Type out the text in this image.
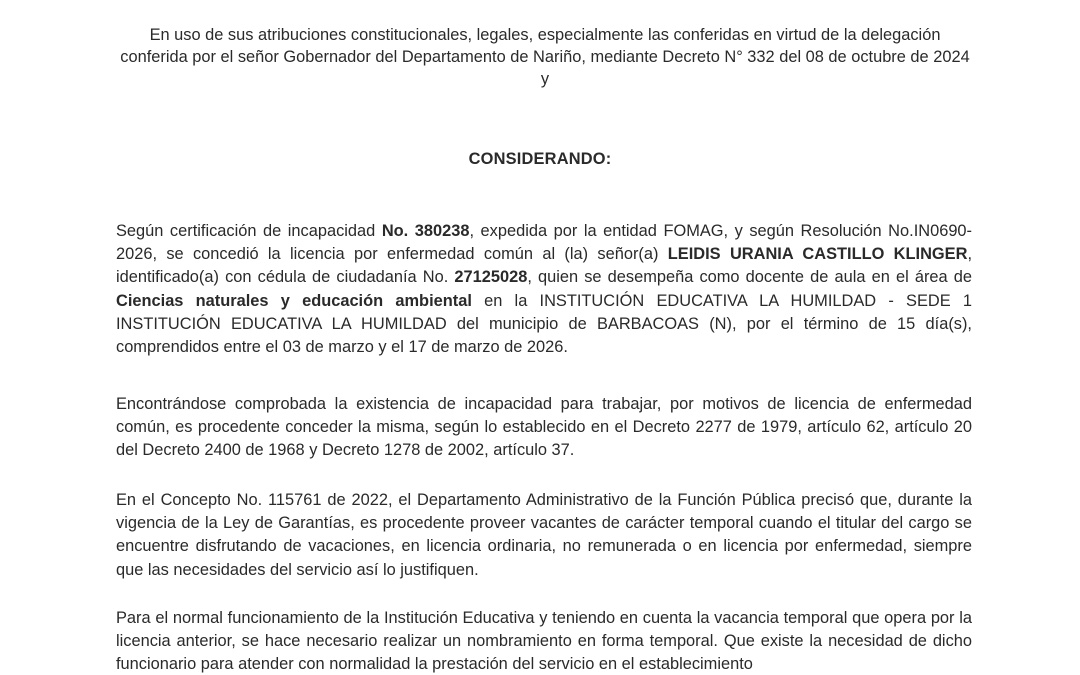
En uso de sus atribuciones constitucionales, legales, especialmente las conferidas en virtud de la delegación conferida por el señor Gobernador del Departamento de Nariño, mediante Decreto N° 332 del 08 de octubre de 2024 y
CONSIDERANDO:
Según certificación de incapacidad No. 380238, expedida por la entidad FOMAG, y según Resolución No.IN0690-2026, se concedió la licencia por enfermedad común al (la) señor(a) LEIDIS URANIA CASTILLO KLINGER, identificado(a) con cédula de ciudadanía No. 27125028, quien se desempeña como docente de aula en el área de Ciencias naturales y educación ambiental en la INSTITUCIÓN EDUCATIVA LA HUMILDAD - SEDE 1 INSTITUCIÓN EDUCATIVA LA HUMILDAD del municipio de BARBACOAS (N), por el término de 15 día(s), comprendidos entre el 03 de marzo y el 17 de marzo de 2026.
Encontrándose comprobada la existencia de incapacidad para trabajar, por motivos de licencia de enfermedad común, es procedente conceder la misma, según lo establecido en el Decreto 2277 de 1979, artículo 62, artículo 20 del Decreto 2400 de 1968 y Decreto 1278 de 2002, artículo 37.
En el Concepto No. 115761 de 2022, el Departamento Administrativo de la Función Pública precisó que, durante la vigencia de la Ley de Garantías, es procedente proveer vacantes de carácter temporal cuando el titular del cargo se encuentre disfrutando de vacaciones, en licencia ordinaria, no remunerada o en licencia por enfermedad, siempre que las necesidades del servicio así lo justifiquen.
Para el normal funcionamiento de la Institución Educativa y teniendo en cuenta la vacancia temporal que opera por la licencia anterior, se hace necesario realizar un nombramiento en forma temporal. Que existe la necesidad de dicho funcionario para atender con normalidad la prestación del servicio en el establecimiento
